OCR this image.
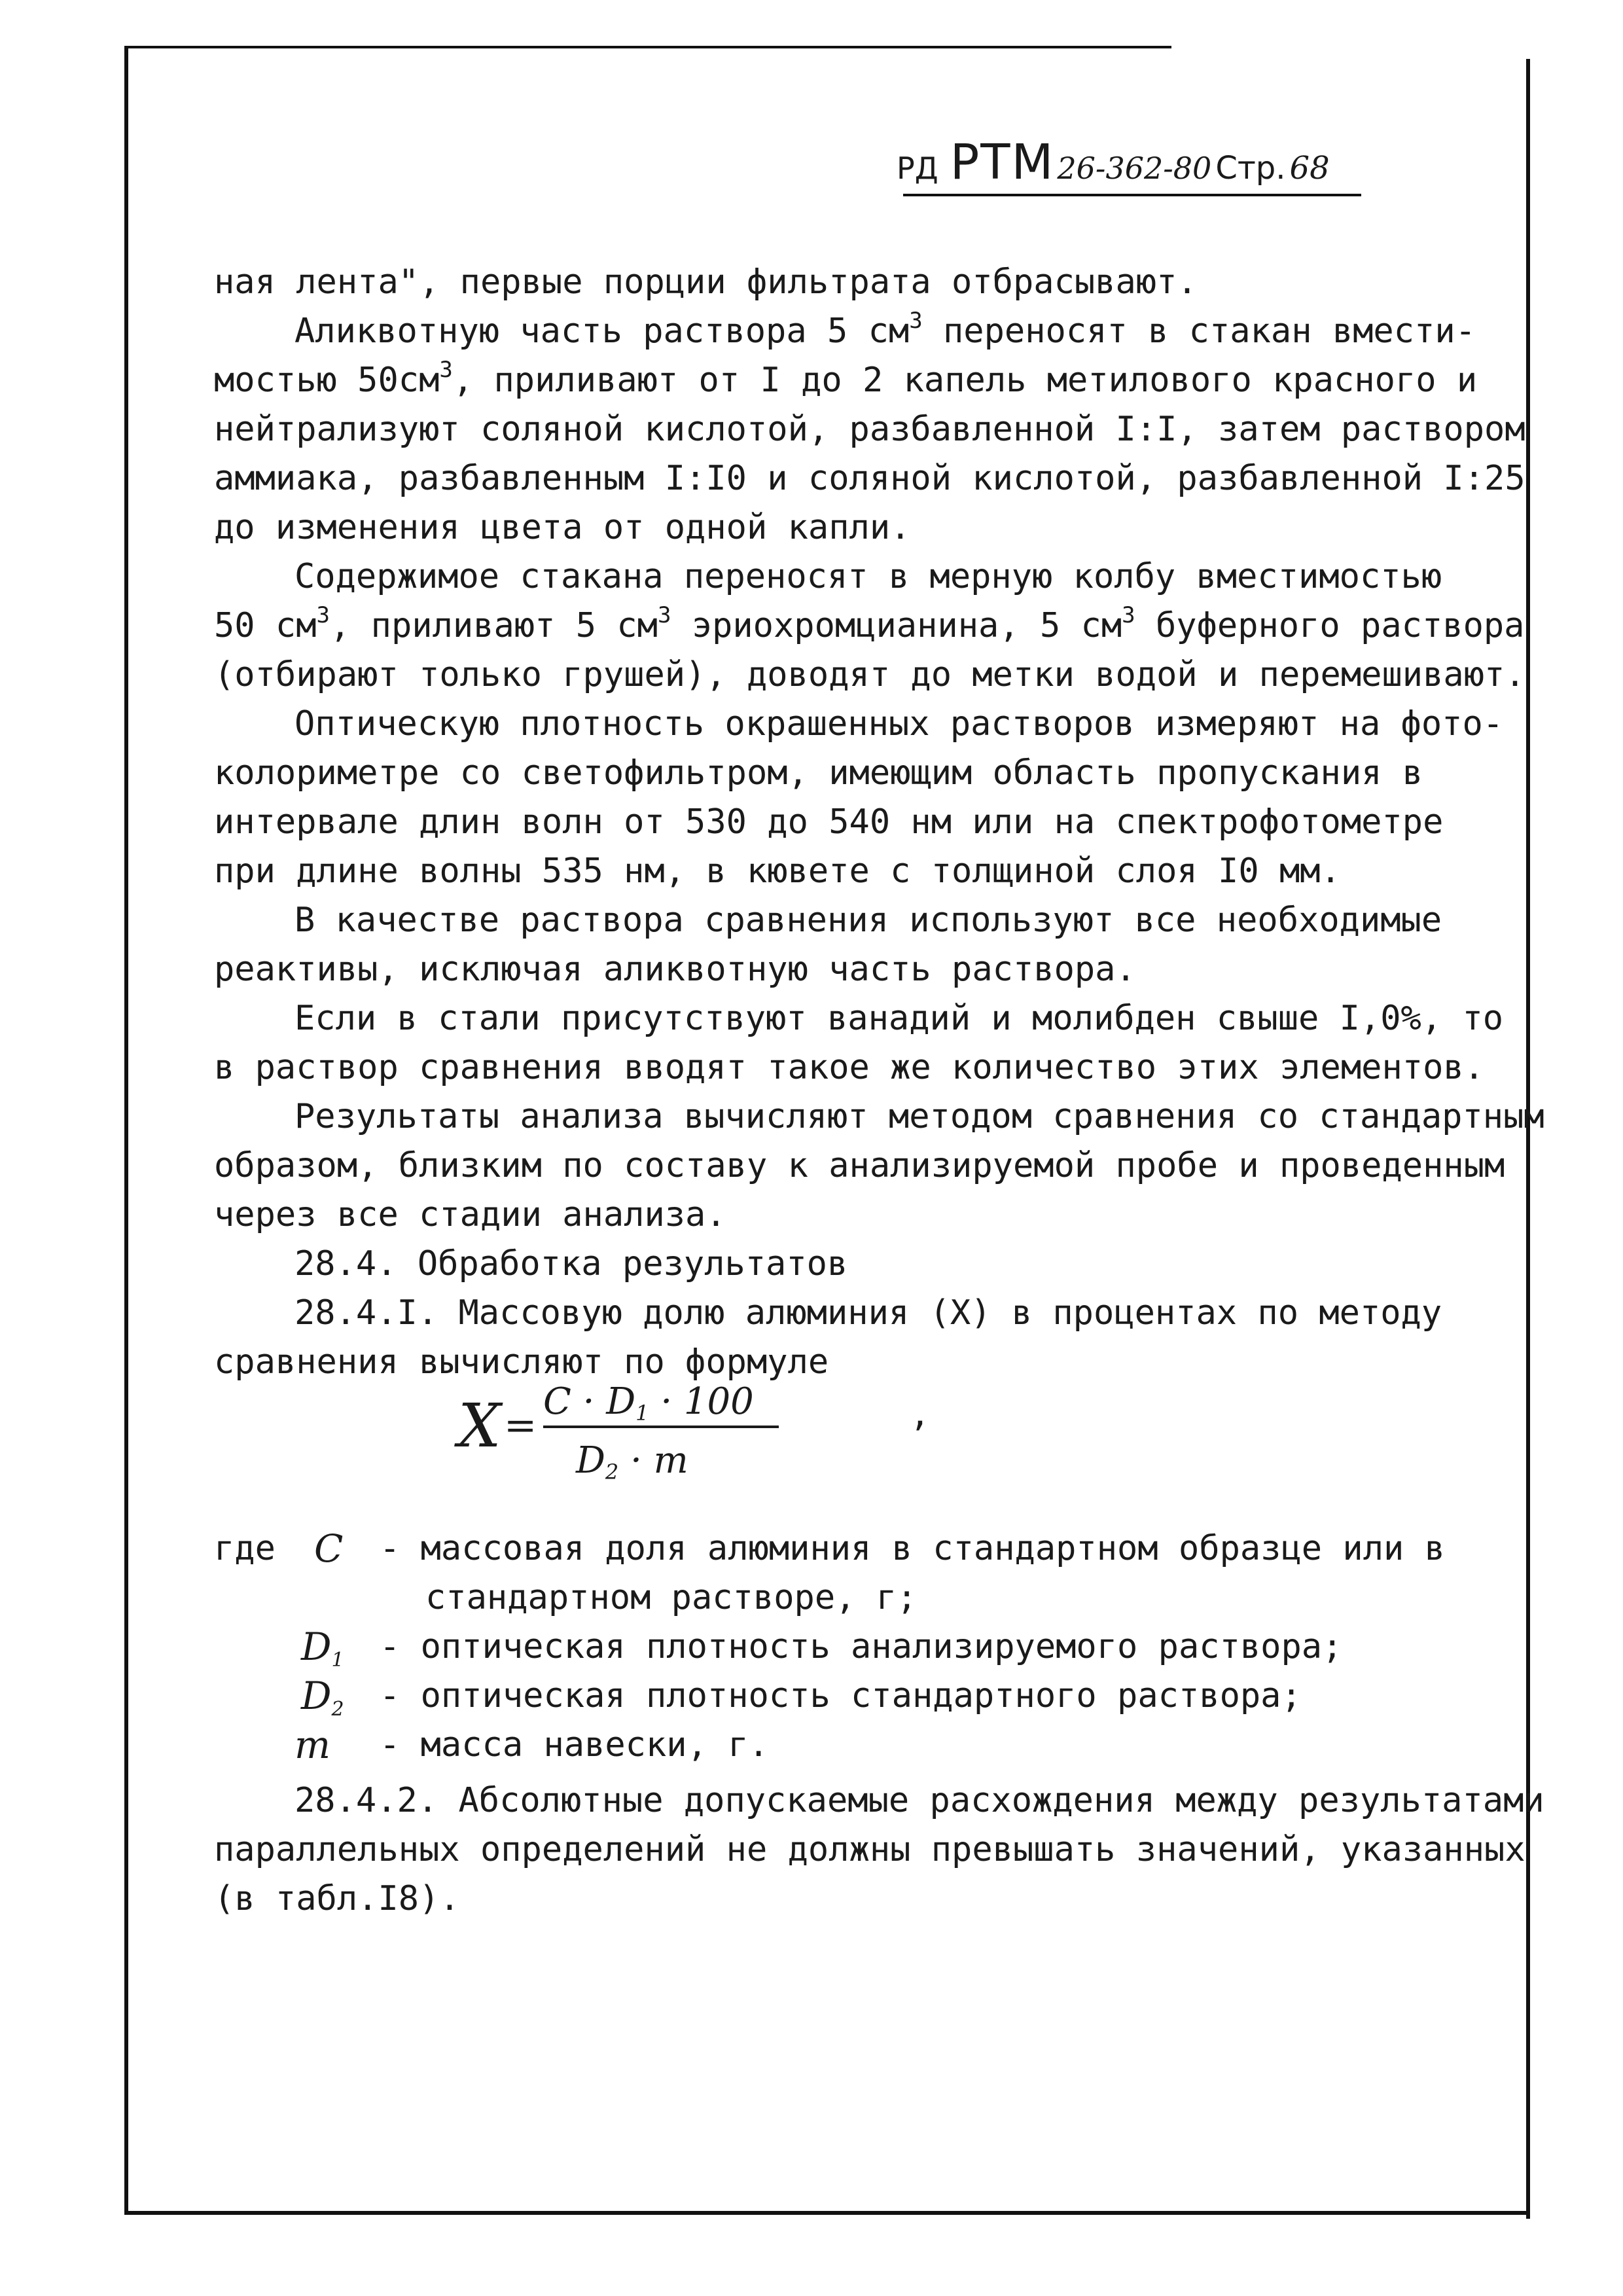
РД РТМ 26-362-80 Стр. 68
ная лента", первые порции фильтрата отбрасывают.
Аликвотную часть раствора 5 $см^3$ переносят в стакан вмести-
мостью $50см^3$, приливают от I до 2 капель метилового красного и
нейтрализуют соляной кислотой, разбавленной I:I, затем раствором
аммиака, разбавленным I:I0 и соляной кислотой, разбавленной I:25
до изменения цвета от одной капли.
Содержимое стакана переносят в мерную колбу вместимостью
50 $см^3$, приливают 5 $см^3$ эриохромцианина, 5 $см^3$ буферного раствора
(отбирают только грушей), доводят до метки водой и перемешивают.
Оптическую плотность окрашенных растворов измеряют на фото-
колориметре со светофильтром, имеющим область пропускания в
интервале длин волн от 530 до 540 нм или на спектрофотометре
при длине волны 535 нм, в кювете с толщиной слоя I0 мм.
В качестве раствора сравнения используют все необходимые
реактивы, исключая аликвотную часть раствора.
Если в стали присутствуют ванадий и молибден свыше I,0%, то
в раствор сравнения вводят такое же количество этих элементов.
Результаты анализа вычисляют методом сравнения со стандартным
образом, близким по составу к анализируемой пробе и проведенным
через все стадии анализа.
28.4. Обработка результатов
28.4.I. Массовую долю алюминия (X) в процентах по методу
сравнения вычисляют по формуле
X =
C · D1 · 100
D2 · m
,
где C - массовая доля алюминия в стандартном образце или в
стандартном растворе, г;
$D_1$ - оптическая плотность анализируемого раствора;
$D_2$ - оптическая плотность стандартного раствора;
m - масса навески, г.
28.4.2. Абсолютные допускаемые расхождения между результатами
параллельных определений не должны превышать значений, указанных
(в табл.I8).
